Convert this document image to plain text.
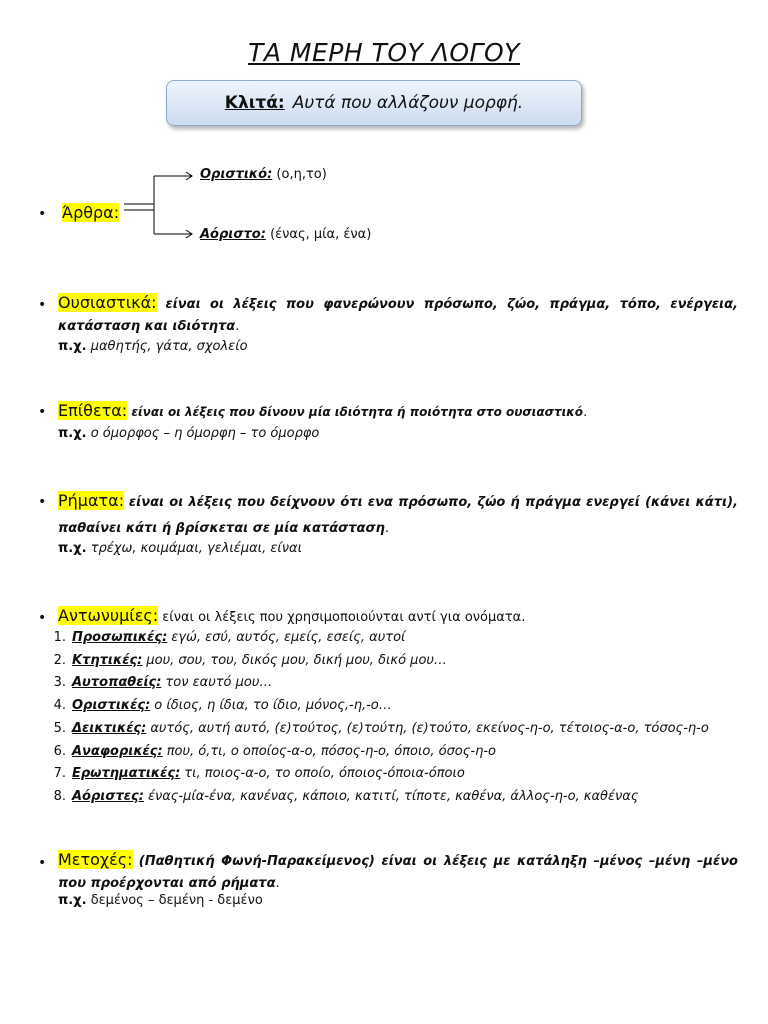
ΤΑ ΜΕΡΗ ΤΟΥ ΛΟΓΟΥ
Κλιτά: Αυτά που αλλάζουν μορφή.
• Άρθρα:
Οριστικό: (ο,η,το)
Αόριστο: (ένας, μία, ένα)
• Ουσιαστικά: είναι οι λέξεις που φανερώνουν πρόσωπο, ζώο, πράγμα, τόπο, ενέργεια, κατάσταση και ιδιότητα.
π.χ. μαθητής, γάτα, σχολείο
• Επίθετα: είναι οι λέξεις που δίνουν μία ιδιότητα ή ποιότητα στο ουσιαστικό.
π.χ. ο όμορφος – η όμορφη – το όμορφο
• Ρήματα: είναι οι λέξεις που δείχνουν ότι ενα πρόσωπο, ζώο ή πράγμα ενεργεί (κάνει κάτι), παθαίνει κάτι ή βρίσκεται σε μία κατάσταση.
π.χ. τρέχω, κοιμάμαι, γελιέμαι, είναι
• Αντωνυμίες: είναι οι λέξεις που χρησιμοποιούνται αντί για ονόματα.
1. Προσωπικές: εγώ, εσύ, αυτός, εμείς, εσείς, αυτοί
2. Κτητικές: μου, σου, του, δικός μου, δική μου, δικό μου…
3. Αυτοπαθείς: τον εαυτό μου…
4. Οριστικές: ο ίδιος, η ίδια, το ίδιο, μόνος,-η,-ο…
5. Δεικτικές: αυτός, αυτή αυτό, (ε)τούτος, (ε)τούτη, (ε)τούτο, εκείνος-η-ο, τέτοιος-α-ο, τόσος-η-ο
6. Αναφορικές: που, ό,τι, ο οποίος-α-ο, πόσος-η-ο, όποιο, όσος-η-ο
7. Ερωτηματικές: τι, ποιος-α-ο, το οποίο, όποιος-όποια-όποιο
8. Αόριστες: ένας-μία-ένα, κανένας, κάποιο, κατιτί, τίποτε, καθένα, άλλος-η-ο, καθένας
• Μετοχές: (Παθητική Φωνή-Παρακείμενος) είναι οι λέξεις με κατάληξη –μένος –μένη –μένο που προέρχονται από ρήματα.
π.χ. δεμένος – δεμένη - δεμένο
